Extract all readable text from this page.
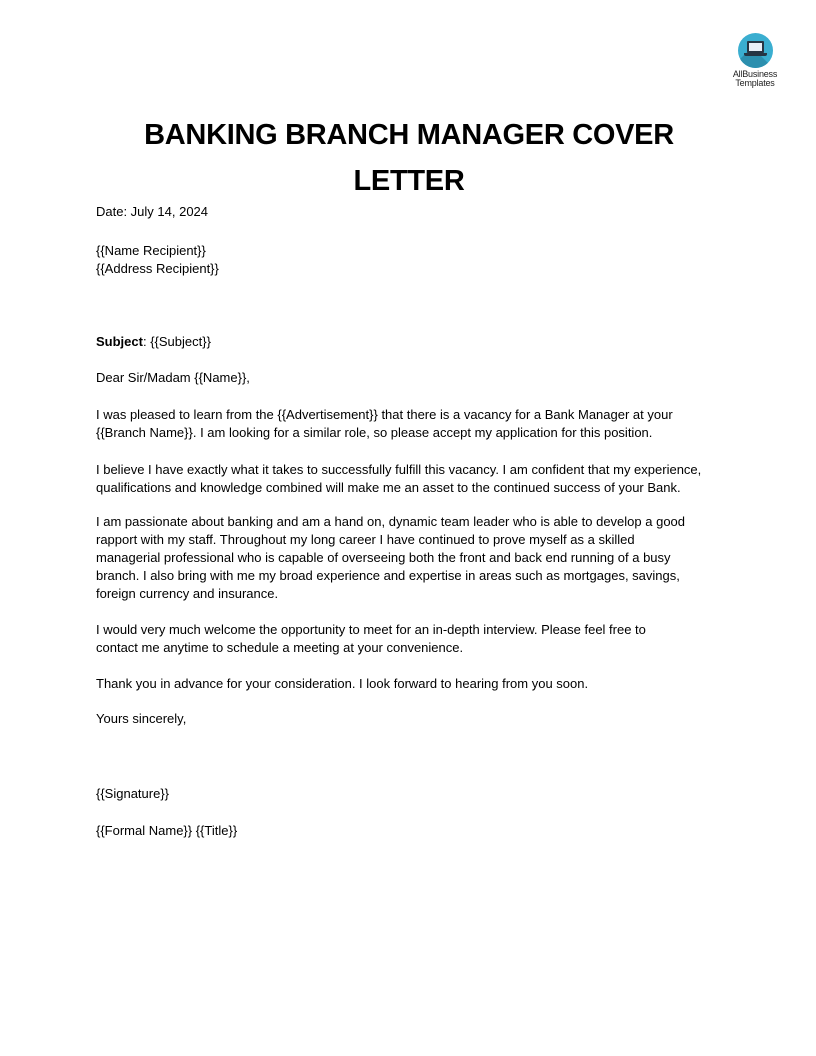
AllBusiness
Templates
BANKING BRANCH MANAGER COVER
LETTER
Date: July 14, 2024
{{Name Recipient}}
{{Address Recipient}}
Subject: {{Subject}}
Dear Sir/Madam {{Name}},
I was pleased to learn from the {{Advertisement}} that there is a vacancy for a Bank Manager at your
{{Branch Name}}. I am looking for a similar role, so please accept my application for this position.
I believe I have exactly what it takes to successfully fulfill this vacancy. I am confident that my experience,
qualifications and knowledge combined will make me an asset to the continued success of your Bank.
I am passionate about banking and am a hand on, dynamic team leader who is able to develop a good
rapport with my staff. Throughout my long career I have continued to prove myself as a skilled
managerial professional who is capable of overseeing both the front and back end running of a busy
branch. I also bring with me my broad experience and expertise in areas such as mortgages, savings,
foreign currency and insurance.
I would very much welcome the opportunity to meet for an in-depth interview. Please feel free to
contact me anytime to schedule a meeting at your convenience.
Thank you in advance for your consideration. I look forward to hearing from you soon.
Yours sincerely,
{{Signature}}
{{Formal Name}} {{Title}}
